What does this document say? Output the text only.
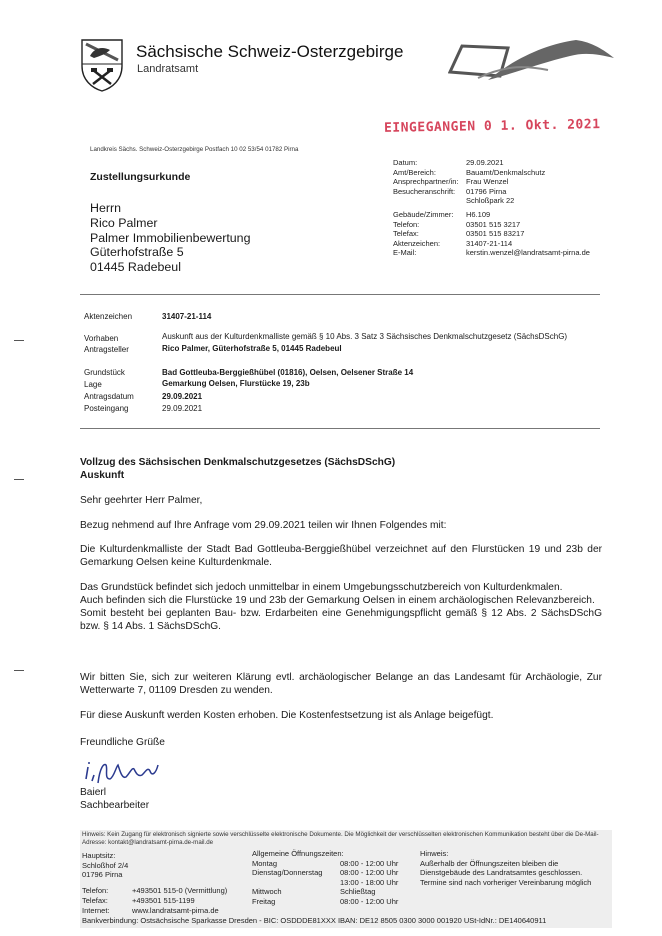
Sächsische Schweiz-Osterzgebirge
Landratsamt
EINGEGANGEN 0 1. Okt. 2021
Landkreis Sächs. Schweiz-Osterzgebirge Postfach 10 02 53/54 01782 Pirna
Zustellungsurkunde
Herrn
Rico Palmer
Palmer Immobilienbewertung
Güterhofstraße 5
01445 Radebeul
Datum:	29.09.2021
Amt/Bereich:	Bauamt/Denkmalschutz
Ansprechpartner/in:	Frau Wenzel
Besucheranschrift:	01796 Pirna
Schloßpark 22
Gebäude/Zimmer:	H6.109
Telefon:	03501 515 3217
Telefax:	03501 515 83217
Aktenzeichen:	31407-21-114
E-Mail:	kerstin.wenzel@landratsamt-pirna.de
Aktenzeichen	31407-21-114
Vorhaben	Auskunft aus der Kulturdenkmalliste gemäß § 10 Abs. 3 Satz 3 Sächsisches Denkmalschutzgesetz (SächsDSchG)
Antragsteller	Rico Palmer, Güterhofstraße 5, 01445 Radebeul
Grundstück	Bad Gottleuba-Berggießhübel (01816), Oelsen, Oelsener Straße 14
Lage	Gemarkung Oelsen, Flurstücke 19, 23b
Antragsdatum	29.09.2021
Posteingang	29.09.2021
Vollzug des Sächsischen Denkmalschutzgesetzes (SächsDSchG)
Auskunft
Sehr geehrter Herr Palmer,
Bezug nehmend auf Ihre Anfrage vom 29.09.2021 teilen wir Ihnen Folgendes mit:
Die Kulturdenkmalliste der Stadt Bad Gottleuba-Berggießhübel verzeichnet auf den Flurstücken 19 und 23b der Gemarkung Oelsen keine Kulturdenkmale.
Das Grundstück befindet sich jedoch unmittelbar in einem Umgebungsschutzbereich von Kulturdenkmalen.
Auch befinden sich die Flurstücke 19 und 23b der Gemarkung Oelsen in einem archäologischen Relevanzbereich.
Somit besteht bei geplanten Bau- bzw. Erdarbeiten eine Genehmigungspflicht gemäß § 12 Abs. 2 SächsDSchG bzw. § 14 Abs. 1 SächsDSchG.
Wir bitten Sie, sich zur weiteren Klärung evtl. archäologischer Belange an das Landesamt für Archäologie, Zur Wetterwarte 7, 01109 Dresden zu wenden.
Für diese Auskunft werden Kosten erhoben. Die Kostenfestsetzung ist als Anlage beigefügt.
Freundliche Grüße
Baierl
Sachbearbeiter
Hinweis: Kein Zugang für elektronisch signierte sowie verschlüsselte elektronische Dokumente. Die Möglichkeit der verschlüsselten elektronischen Kommunikation besteht über die De-Mail-Adresse: kontakt@landratsamt-pirna.de-mail.de
Hauptsitz:
Schloßhof 2/4
01796 Pirna
Allgemeine Öffnungszeiten:
Montag	08:00 - 12:00 Uhr
Dienstag/Donnerstag	08:00 - 12:00 Uhr
13:00 - 18:00 Uhr
Mittwoch	Schließtag
Freitag	08:00 - 12:00 Uhr
Hinweis:
Außerhalb der Öffnungszeiten bleiben die
Dienstgebäude des Landratsamtes geschlossen.
Termine sind nach vorheriger Vereinbarung möglich
Telefon:	+493501 515-0 (Vermittlung)
Telefax:	+493501 515-1199
Internet:	www.landratsamt-pirna.de
Bankverbindung: Ostsächsische Sparkasse Dresden - BIC: OSDDDE81XXX IBAN: DE12 8505 0300 3000 001920 USt-IdNr.: DE140640911
